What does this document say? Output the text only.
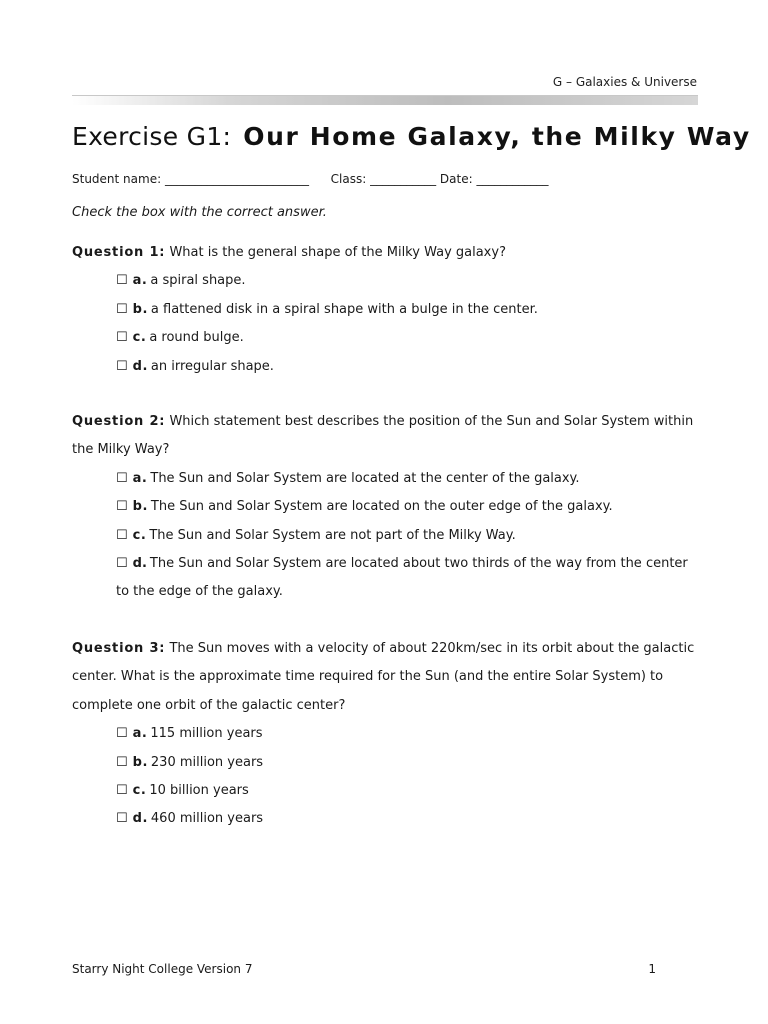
G – Galaxies & Universe
Exercise G1: Our Home Galaxy, the Milky Way
Student name: ________________________ Class: ___________ Date: ____________
Check the box with the correct answer.
Question 1: What is the general shape of the Milky Way galaxy?
☐ a. a spiral shape.
☐ b. a flattened disk in a spiral shape with a bulge in the center.
☐ c. a round bulge.
☐ d. an irregular shape.
Question 2: Which statement best describes the position of the Sun and Solar System within the Milky Way?
☐ a. The Sun and Solar System are located at the center of the galaxy.
☐ b. The Sun and Solar System are located on the outer edge of the galaxy.
☐ c. The Sun and Solar System are not part of the Milky Way.
☐ d. The Sun and Solar System are located about two thirds of the way from the center to the edge of the galaxy.
Question 3: The Sun moves with a velocity of about 220km/sec in its orbit about the galactic center. What is the approximate time required for the Sun (and the entire Solar System) to complete one orbit of the galactic center?
☐ a. 115 million years
☐ b. 230 million years
☐ c. 10 billion years
☐ d. 460 million years
Starry Night College Version 7	1
